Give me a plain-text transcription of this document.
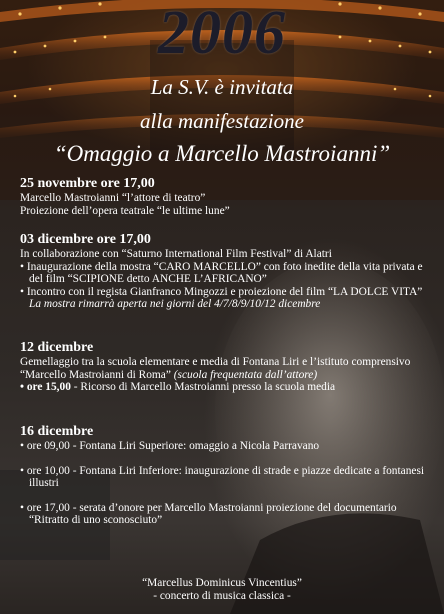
2006
La S.V. è invitata
alla manifestazione
“Omaggio a Marcello Mastroianni”
25 novembre ore 17,00
Marcello Mastroianni “l’attore di teatro”
Proiezione dell’opera teatrale “le ultime lune”
03 dicembre ore 17,00
In collaborazione con “Saturno International Film Festival” di Alatri
• Inaugurazione della mostra “CARO MARCELLO” con foto inedite della vita privata e del film “SCIPIONE detto ANCHE L’AFRICANO”
• Incontro con il regista Gianfranco Mingozzi e proiezione del film “LA DOLCE VITA”
La mostra rimarrà aperta nei giorni del 4/7/8/9/10/12 dicembre
12 dicembre
Gemellaggio tra la scuola elementare e media di Fontana Liri e l’istituto comprensivo “Marcello Mastroianni di Roma” (scuola frequentata dall’attore)
• ore 15,00 - Ricorso di Marcello Mastroianni presso la scuola media
16 dicembre
• ore 09,00 - Fontana Liri Superiore: omaggio a Nicola Parravano
• ore 10,00 - Fontana Liri Inferiore: inaugurazione di strade e piazze dedicate a fontanesi illustri
• ore 17,00 - serata d’onore per Marcello Mastroianni proiezione del documentario “Ritratto di uno sconosciuto”
“Marcellus Dominicus Vincentius”
- concerto di musica classica -
